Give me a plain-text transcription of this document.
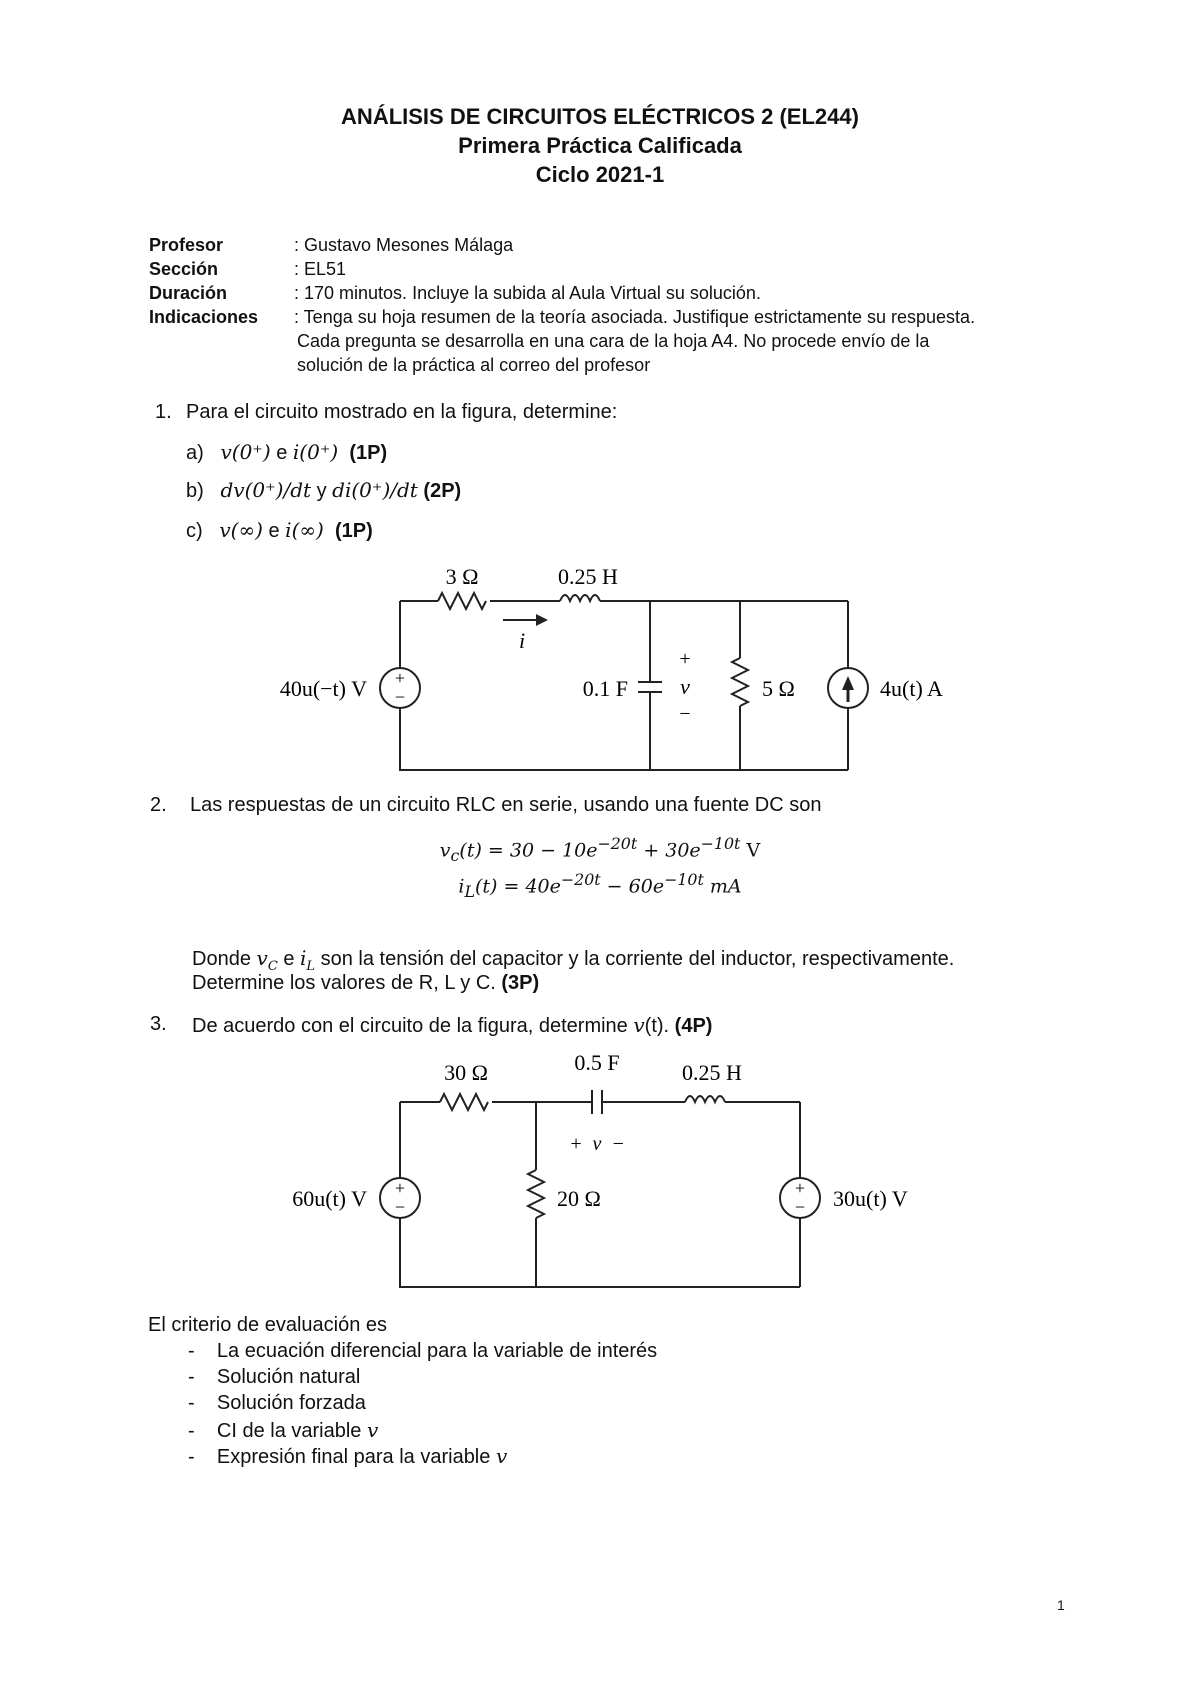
ANÁLISIS DE CIRCUITOS ELÉCTRICOS 2 (EL244)
Primera Práctica Calificada
Ciclo 2021-1
Profesor	: Gustavo Mesones Málaga
Sección	: EL51
Duración	: 170 minutos. Incluye la subida al Aula Virtual su solución.
Indicaciones : Tenga su hoja resumen de la teoría asociada. Justifique estrictamente su respuesta.
Cada pregunta se desarrolla en una cara de la hoja A4. No procede envío de la
solución de la práctica al correo del profesor
1. Para el circuito mostrado en la figura, determine:
a) v(0⁺) e i(0⁺) (1P)
b) dv(0⁺)/dt y di(0⁺)/dt (2P)
c) v(∞) e i(∞) (1P)
+
−
3 Ω	0.25 H
i
40u(−t) V	0.1 F
+
v
−
5 Ω	4u(t) A
+
−
+
−
30 Ω	0.5 F	0.25 H
+  v  −
60u(t) V	20 Ω	30u(t) V
2. Las respuestas de un circuito RLC en serie, usando una fuente DC son
$v_c(t) = 30 - 10e^{-20t} + 30e^{-10t}$ V
$i_L(t) = 40e^{-20t} - 60e^{-10t}$ mA
Donde $v_C$ e $i_L$ son la tensión del capacitor y la corriente del inductor, respectivamente.
Determine los valores de R, L y C. (3P)
3. De acuerdo con el circuito de la figura, determine v(t). (4P)
El criterio de evaluación es
-    La ecuación diferencial para la variable de interés
-    Solución natural
-    Solución forzada
-    CI de la variable v
-    Expresión final para la variable v
1
